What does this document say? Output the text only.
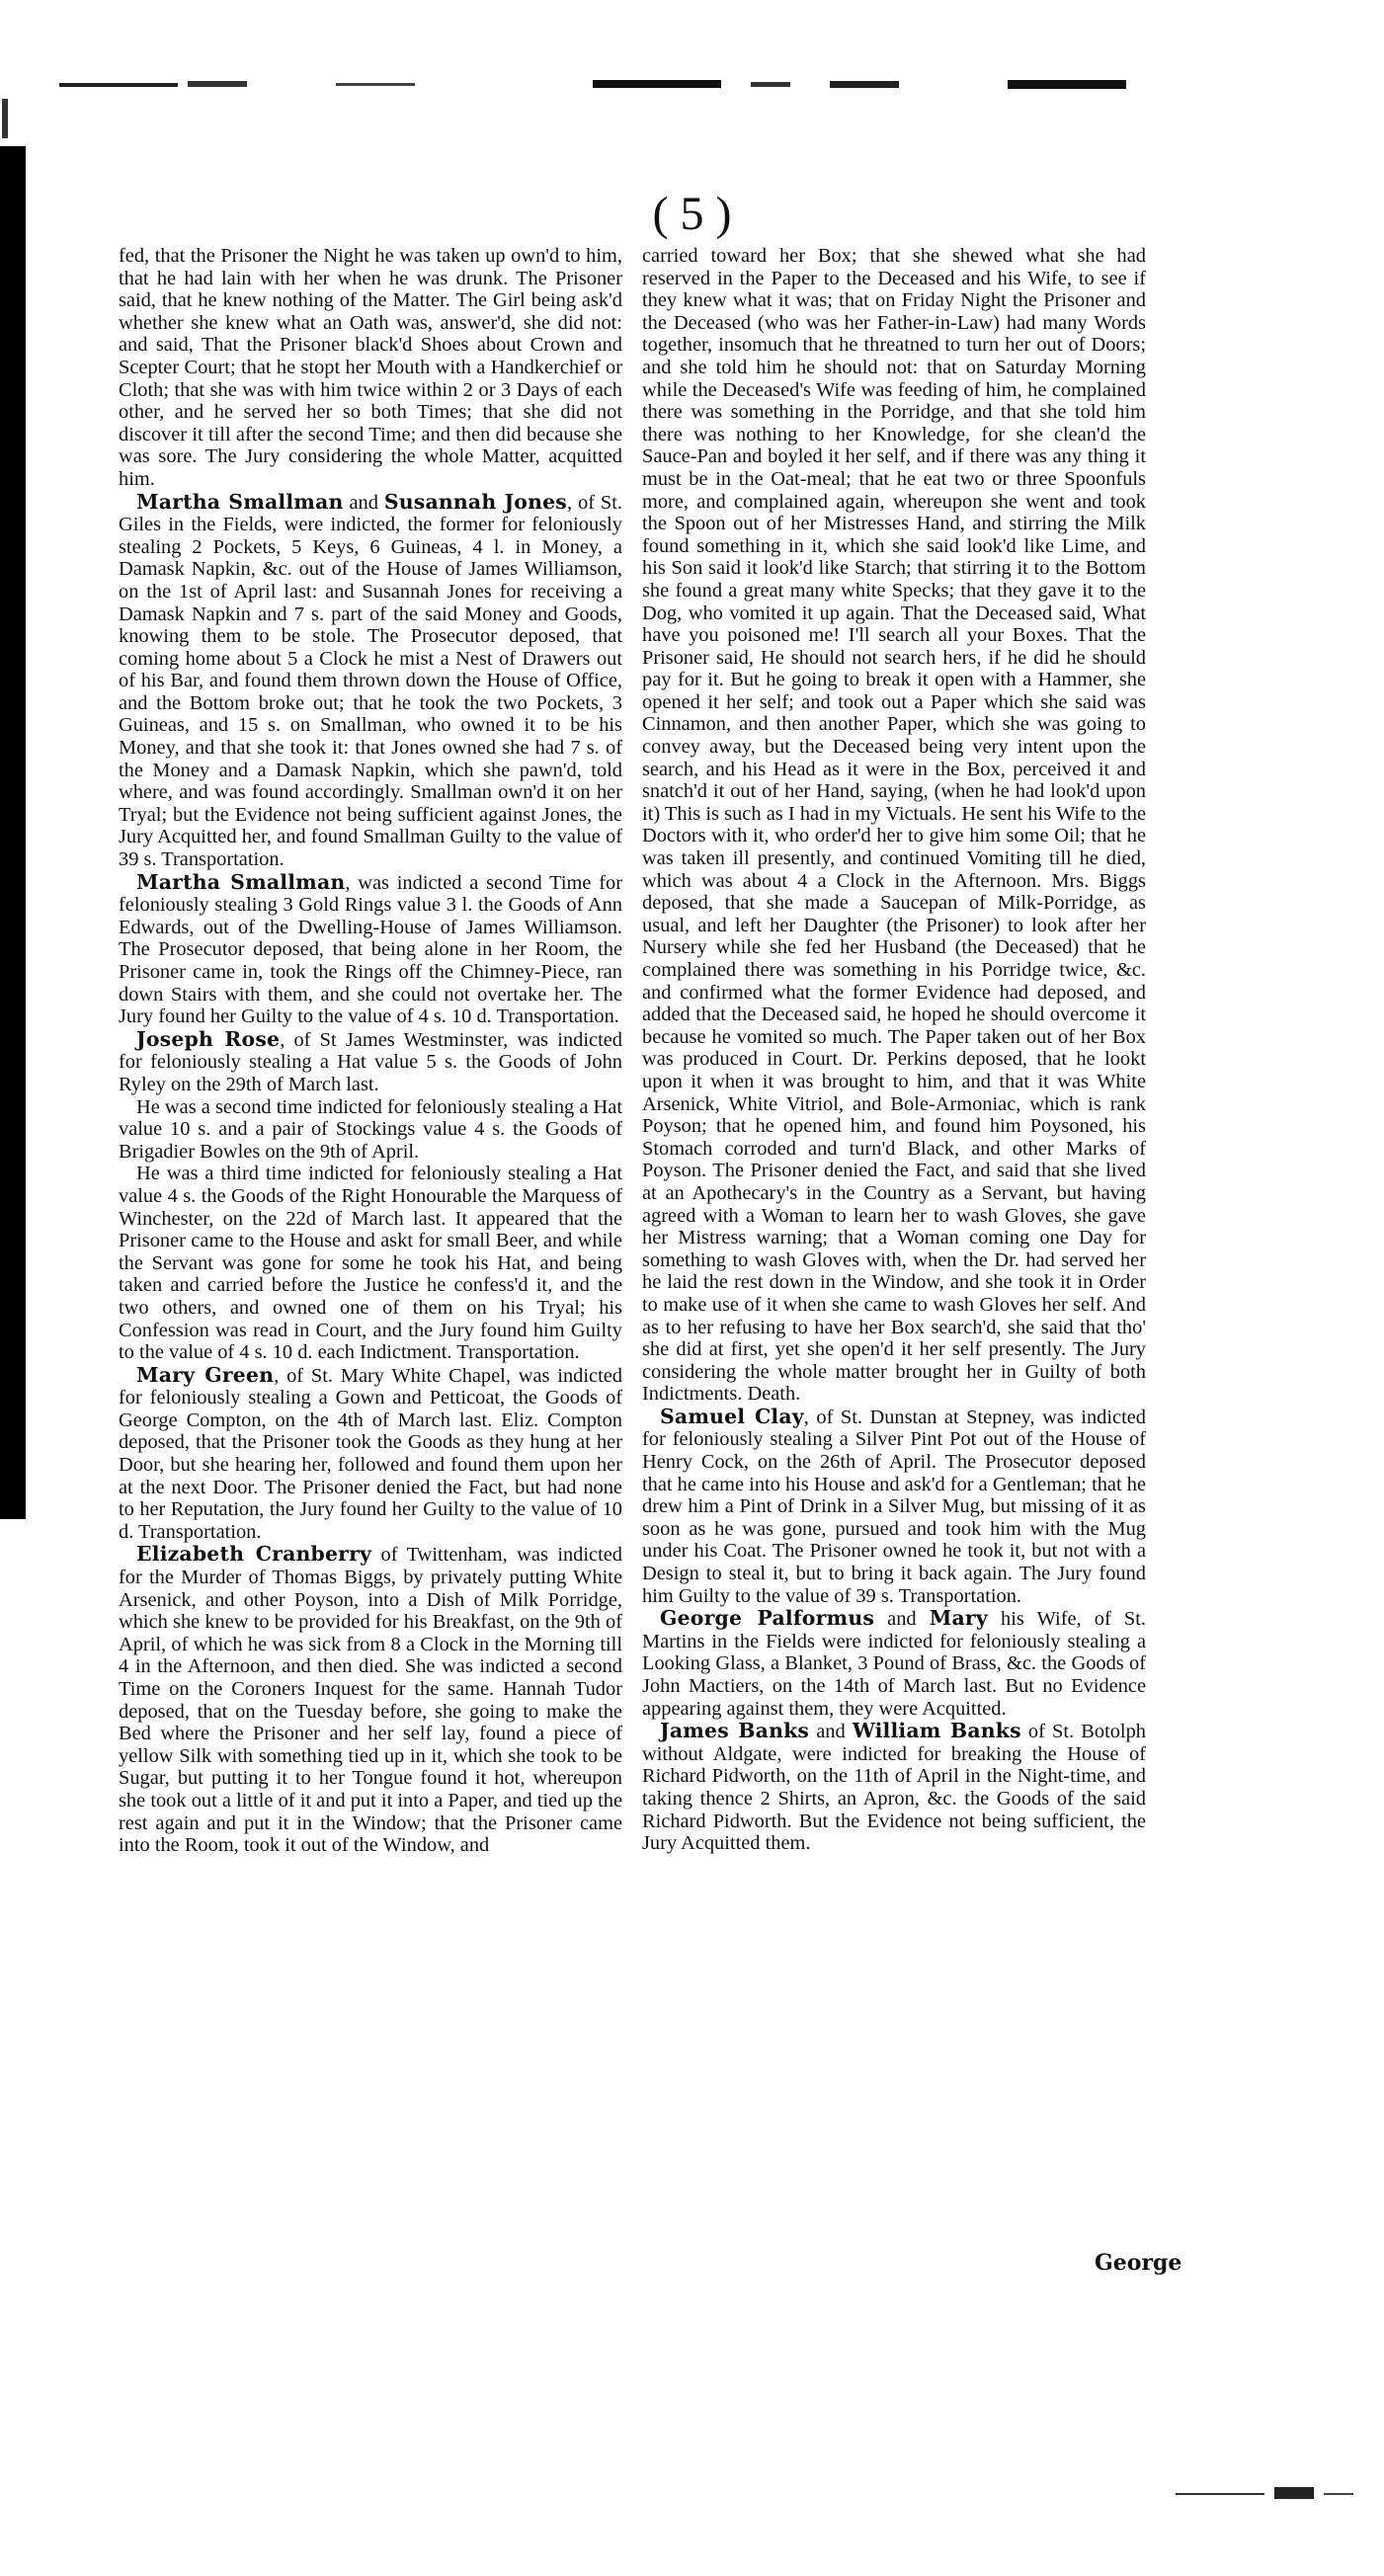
( 5 )

fed, that the Prisoner the Night he was taken up own'd to him, that he had lain with her when he was drunk. The Prisoner said, that he knew nothing of the Matter. The Girl being ask'd whether she knew what an Oath was, answer'd, she did not: and said, That the Prisoner black'd Shoes about Crown and Scepter Court; that he stopt her Mouth with a Handkerchief or Cloth; that she was with him twice within 2 or 3 Days of each other, and he served her so both Times; that she did not discover it till after the second Time; and then did because she was sore. The Jury considering the whole Matter, acquitted him.

Martha Smallman and Susannah Jones, of St. Giles in the Fields, were indicted, the former for feloniously stealing 2 Pockets, 5 Keys, 6 Guineas, 4 l. in Money, a Damask Napkin, &c. out of the House of James Williamson, on the 1st of April last: and Susannah Jones for receiving a Damask Napkin and 7 s. part of the said Money and Goods, knowing them to be stole. The Prosecutor deposed, that coming home about 5 a Clock he mist a Nest of Drawers out of his Bar, and found them thrown down the House of Office, and the Bottom broke out; that he took the two Pockets, 3 Guineas, and 15 s. on Smallman, who owned it to be his Money, and that she took it: that Jones owned she had 7 s. of the Money and a Damask Napkin, which she pawn'd, told where, and was found accordingly. Smallman own'd it on her Tryal; but the Evidence not being sufficient against Jones, the Jury Acquitted her, and found Smallman Guilty to the value of 39 s. Transportation.

Martha Smallman, was indicted a second Time for feloniously stealing 3 Gold Rings value 3 l. the Goods of Ann Edwards, out of the Dwelling-House of James Williamson. The Prosecutor deposed, that being alone in her Room, the Prisoner came in, took the Rings off the Chimney-Piece, ran down Stairs with them, and she could not overtake her. The Jury found her Guilty to the value of 4 s. 10 d. Transportation.

Joseph Rose, of St James Westminster, was indicted for feloniously stealing a Hat value 5 s. the Goods of John Ryley on the 29th of March last.

He was a second time indicted for feloniously stealing a Hat value 10 s. and a pair of Stockings value 4 s. the Goods of Brigadier Bowles on the 9th of April.

He was a third time indicted for feloniously stealing a Hat value 4 s. the Goods of the Right Honourable the Marquess of Winchester, on the 22d of March last. It appeared that the Prisoner came to the House and askt for small Beer, and while the Servant was gone for some he took his Hat, and being taken and carried before the Justice he confess'd it, and the two others, and owned one of them on his Tryal; his Confession was read in Court, and the Jury found him Guilty to the value of 4 s. 10 d. each Indictment. Transportation.

Mary Green, of St. Mary White Chapel, was indicted for feloniously stealing a Gown and Petticoat, the Goods of George Compton, on the 4th of March last. Eliz. Compton deposed, that the Prisoner took the Goods as they hung at her Door, but she hearing her, followed and found them upon her at the next Door. The Prisoner denied the Fact, but had none to her Reputation, the Jury found her Guilty to the value of 10 d. Transportation.

Elizabeth Cranberry of Twittenham, was indicted for the Murder of Thomas Biggs, by privately putting White Arsenick, and other Poyson, into a Dish of Milk Porridge, which she knew to be provided for his Breakfast, on the 9th of April, of which he was sick from 8 a Clock in the Morning till 4 in the Afternoon, and then died. She was indicted a second Time on the Coroners Inquest for the same. Hannah Tudor deposed, that on the Tuesday before, she going to make the Bed where the Prisoner and her self lay, found a piece of yellow Silk with something tied up in it, which she took to be Sugar, but putting it to her Tongue found it hot, whereupon she took out a little of it and put it into a Paper, and tied up the rest again and put it in the Window; that the Prisoner came into the Room, took it out of the Window, and

carried toward her Box; that she shewed what she had reserved in the Paper to the Deceased and his Wife, to see if they knew what it was; that on Friday Night the Prisoner and the Deceased (who was her Father-in-Law) had many Words together, insomuch that he threatned to turn her out of Doors; and she told him he should not: that on Saturday Morning while the Deceased's Wife was feeding of him, he complained there was something in the Porridge, and that she told him there was nothing to her Knowledge, for she clean'd the Sauce-Pan and boyled it her self, and if there was any thing it must be in the Oat-meal; that he eat two or three Spoonfuls more, and complained again, whereupon she went and took the Spoon out of her Mistresses Hand, and stirring the Milk found something in it, which she said look'd like Lime, and his Son said it look'd like Starch; that stirring it to the Bottom she found a great many white Specks; that they gave it to the Dog, who vomited it up again. That the Deceased said, What have you poisoned me! I'll search all your Boxes. That the Prisoner said, He should not search hers, if he did he should pay for it. But he going to break it open with a Hammer, she opened it her self; and took out a Paper which she said was Cinnamon, and then another Paper, which she was going to convey away, but the Deceased being very intent upon the search, and his Head as it were in the Box, perceived it and snatch'd it out of her Hand, saying, (when he had look'd upon it) This is such as I had in my Victuals. He sent his Wife to the Doctors with it, who order'd her to give him some Oil; that he was taken ill presently, and continued Vomiting till he died, which was about 4 a Clock in the Afternoon. Mrs. Biggs deposed, that she made a Saucepan of Milk-Porridge, as usual, and left her Daughter (the Prisoner) to look after her Nursery while she fed her Husband (the Deceased) that he complained there was something in his Porridge twice, &c. and confirmed what the former Evidence had deposed, and added that the Deceased said, he hoped he should overcome it because he vomited so much. The Paper taken out of her Box was produced in Court. Dr. Perkins deposed, that he lookt upon it when it was brought to him, and that it was White Arsenick, White Vitriol, and Bole-Armoniac, which is rank Poyson; that he opened him, and found him Poysoned, his Stomach corroded and turn'd Black, and other Marks of Poyson. The Prisoner denied the Fact, and said that she lived at an Apothecary's in the Country as a Servant, but having agreed with a Woman to learn her to wash Gloves, she gave her Mistress warning; that a Woman coming one Day for something to wash Gloves with, when the Dr. had served her he laid the rest down in the Window, and she took it in Order to make use of it when she came to wash Gloves her self. And as to her refusing to have her Box search'd, she said that tho' she did at first, yet she open'd it her self presently. The Jury considering the whole matter brought her in Guilty of both Indictments. Death.

Samuel Clay, of St. Dunstan at Stepney, was indicted for feloniously stealing a Silver Pint Pot out of the House of Henry Cock, on the 26th of April. The Prosecutor deposed that he came into his House and ask'd for a Gentleman; that he drew him a Pint of Drink in a Silver Mug, but missing of it as soon as he was gone, pursued and took him with the Mug under his Coat. The Prisoner owned he took it, but not with a Design to steal it, but to bring it back again. The Jury found him Guilty to the value of 39 s. Transportation.

George Palformus and Mary his Wife, of St. Martins in the Fields were indicted for feloniously stealing a Looking Glass, a Blanket, 3 Pound of Brass, &c. the Goods of John Mactiers, on the 14th of March last. But no Evidence appearing against them, they were Acquitted.

James Banks and William Banks of St. Botolph without Aldgate, were indicted for breaking the House of Richard Pidworth, on the 11th of April in the Night-time, and taking thence 2 Shirts, an Apron, &c. the Goods of the said Richard Pidworth. But the Evidence not being sufficient, the Jury Acquitted them.

George
